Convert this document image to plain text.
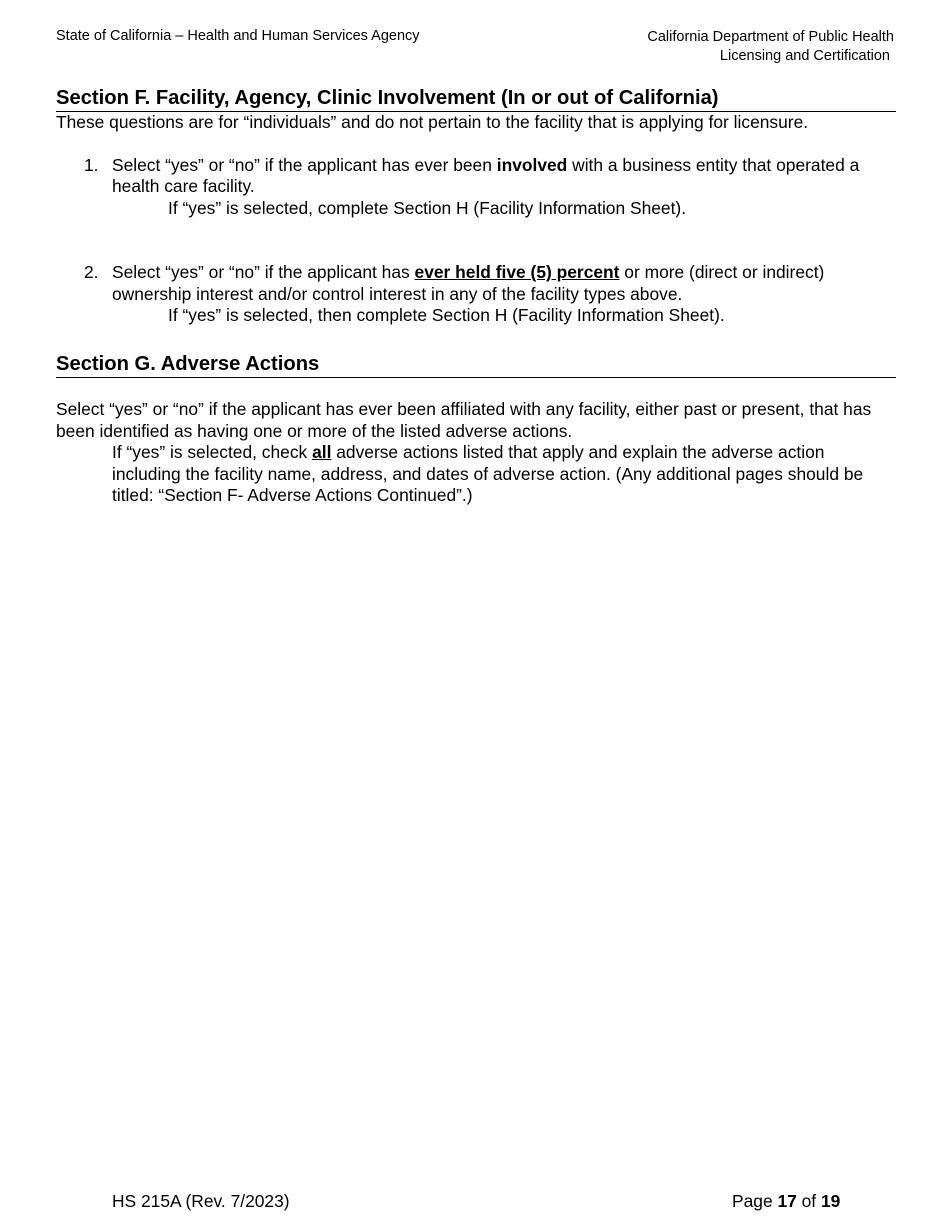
State of California – Health and Human Services Agency	California Department of Public Health
Licensing and Certification
Section F. Facility, Agency, Clinic Involvement (In or out of California)

These questions are for “individuals” and do not pertain to the facility that is applying for licensure.

1. Select “yes” or “no” if the applicant has ever been involved with a business entity that operated a health care facility.

If “yes” is selected, complete Section H (Facility Information Sheet).

2. Select “yes” or “no” if the applicant has ever held five (5) percent or more (direct or indirect) ownership interest and/or control interest in any of the facility types above.

If “yes” is selected, then complete Section H (Facility Information Sheet).

Section G. Adverse Actions

Select “yes” or “no” if the applicant has ever been affiliated with any facility, either past or present, that has been identified as having one or more of the listed adverse actions.

If “yes” is selected, check all adverse actions listed that apply and explain the adverse action including the facility name, address, and dates of adverse action. (Any additional pages should be titled: “Section F- Adverse Actions Continued”.)

HS 215A (Rev. 7/2023)	Page 17 of 19
